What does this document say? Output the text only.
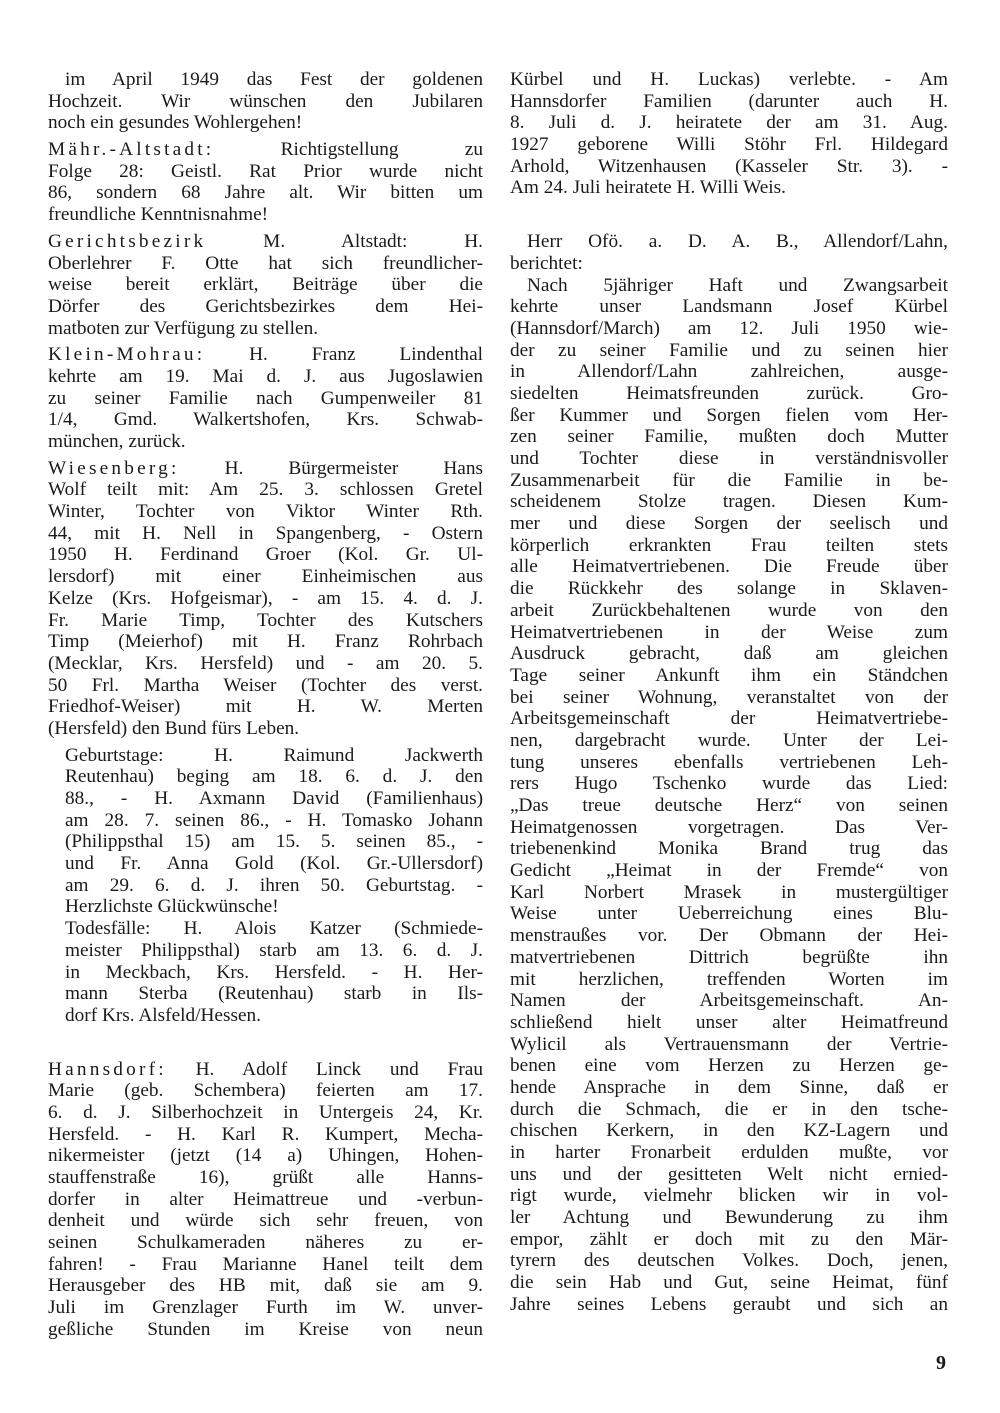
im April 1949 das Fest der goldenen
Hochzeit. Wir wünschen den Jubilaren
noch ein gesundes Wohlergehen!
Mähr.-Altstadt: Richtigstellung zu
Folge 28: Geistl. Rat Prior wurde nicht
86, sondern 68 Jahre alt. Wir bitten um
freundliche Kenntnisnahme!
Gerichtsbezirk M. Altstadt: H.
Oberlehrer F. Otte hat sich freundlicher-
weise bereit erklärt, Beiträge über die
Dörfer des Gerichtsbezirkes dem Hei-
matboten zur Verfügung zu stellen.
Klein-Mohrau: H. Franz Lindenthal
kehrte am 19. Mai d. J. aus Jugoslawien
zu seiner Familie nach Gumpenweiler 81
1/4, Gmd. Walkertshofen, Krs. Schwab-
münchen, zurück.
Wiesenberg: H. Bürgermeister Hans
Wolf teilt mit: Am 25. 3. schlossen Gretel
Winter, Tochter von Viktor Winter Rth.
44, mit H. Nell in Spangenberg, - Ostern
1950 H. Ferdinand Groer (Kol. Gr. Ul-
lersdorf) mit einer Einheimischen aus
Kelze (Krs. Hofgeismar), - am 15. 4. d. J.
Fr. Marie Timp, Tochter des Kutschers
Timp (Meierhof) mit H. Franz Rohrbach
(Mecklar, Krs. Hersfeld) und - am 20. 5.
50 Frl. Martha Weiser (Tochter des verst.
Friedhof-Weiser) mit H. W. Merten
(Hersfeld) den Bund fürs Leben.
Geburtstage: H. Raimund Jackwerth
Reutenhau) beging am 18. 6. d. J. den
88., - H. Axmann David (Familienhaus)
am 28. 7. seinen 86., - H. Tomasko Johann
(Philippsthal 15) am 15. 5. seinen 85., -
und Fr. Anna Gold (Kol. Gr.-Ullersdorf)
am 29. 6. d. J. ihren 50. Geburtstag. -
Herzlichste Glückwünsche!
Todesfälle: H. Alois Katzer (Schmiede-
meister Philippsthal) starb am 13. 6. d. J.
in Meckbach, Krs. Hersfeld. - H. Her-
mann Sterba (Reutenhau) starb in Ils-
dorf Krs. Alsfeld/Hessen.
Hannsdorf: H. Adolf Linck und Frau
Marie (geb. Schembera) feierten am 17.
6. d. J. Silberhochzeit in Untergeis 24, Kr.
Hersfeld. - H. Karl R. Kumpert, Mecha-
nikermeister (jetzt (14 a) Uhingen, Hohen-
stauffenstraße 16), grüßt alle Hanns-
dorfer in alter Heimattreue und -verbun-
denheit und würde sich sehr freuen, von
seinen Schulkameraden näheres zu er-
fahren! - Frau Marianne Hanel teilt dem
Herausgeber des HB mit, daß sie am 9.
Juli im Grenzlager Furth im W. unver-
geßliche Stunden im Kreise von neun
Kürbel und H. Luckas) verlebte. - Am
Hannsdorfer Familien (darunter auch H.
8. Juli d. J. heiratete der am 31. Aug.
1927 geborene Willi Stöhr Frl. Hildegard
Arhold, Witzenhausen (Kasseler Str. 3). -
Am 24. Juli heiratete H. Willi Weis.
Herr Ofö. a. D. A. B., Allendorf/Lahn,
berichtet:
Nach 5jähriger Haft und Zwangsarbeit
kehrte unser Landsmann Josef Kürbel
(Hannsdorf/March) am 12. Juli 1950 wie-
der zu seiner Familie und zu seinen hier
in Allendorf/Lahn zahlreichen, ausge-
siedelten Heimatsfreunden zurück. Gro-
ßer Kummer und Sorgen fielen vom Her-
zen seiner Familie, mußten doch Mutter
und Tochter diese in verständnisvoller
Zusammenarbeit für die Familie in be-
scheidenem Stolze tragen. Diesen Kum-
mer und diese Sorgen der seelisch und
körperlich erkrankten Frau teilten stets
alle Heimatvertriebenen. Die Freude über
die Rückkehr des solange in Sklaven-
arbeit Zurückbehaltenen wurde von den
Heimatvertriebenen in der Weise zum
Ausdruck gebracht, daß am gleichen
Tage seiner Ankunft ihm ein Ständchen
bei seiner Wohnung, veranstaltet von der
Arbeitsgemeinschaft der Heimatvertriebe-
nen, dargebracht wurde. Unter der Lei-
tung unseres ebenfalls vertriebenen Leh-
rers Hugo Tschenko wurde das Lied:
„Das treue deutsche Herz“ von seinen
Heimatgenossen vorgetragen. Das Ver-
triebenenkind Monika Brand trug das
Gedicht „Heimat in der Fremde“ von
Karl Norbert Mrasek in mustergültiger
Weise unter Ueberreichung eines Blu-
menstraußes vor. Der Obmann der Hei-
matvertriebenen Dittrich begrüßte ihn
mit herzlichen, treffenden Worten im
Namen der Arbeitsgemeinschaft. An-
schließend hielt unser alter Heimatfreund
Wylicil als Vertrauensmann der Vertrie-
benen eine vom Herzen zu Herzen ge-
hende Ansprache in dem Sinne, daß er
durch die Schmach, die er in den tsche-
chischen Kerkern, in den KZ-Lagern und
in harter Fronarbeit erdulden mußte, vor
uns und der gesitteten Welt nicht ernied-
rigt wurde, vielmehr blicken wir in vol-
ler Achtung und Bewunderung zu ihm
empor, zählt er doch mit zu den Mär-
tyrern des deutschen Volkes. Doch, jenen,
die sein Hab und Gut, seine Heimat, fünf
Jahre seines Lebens geraubt und sich an
9
